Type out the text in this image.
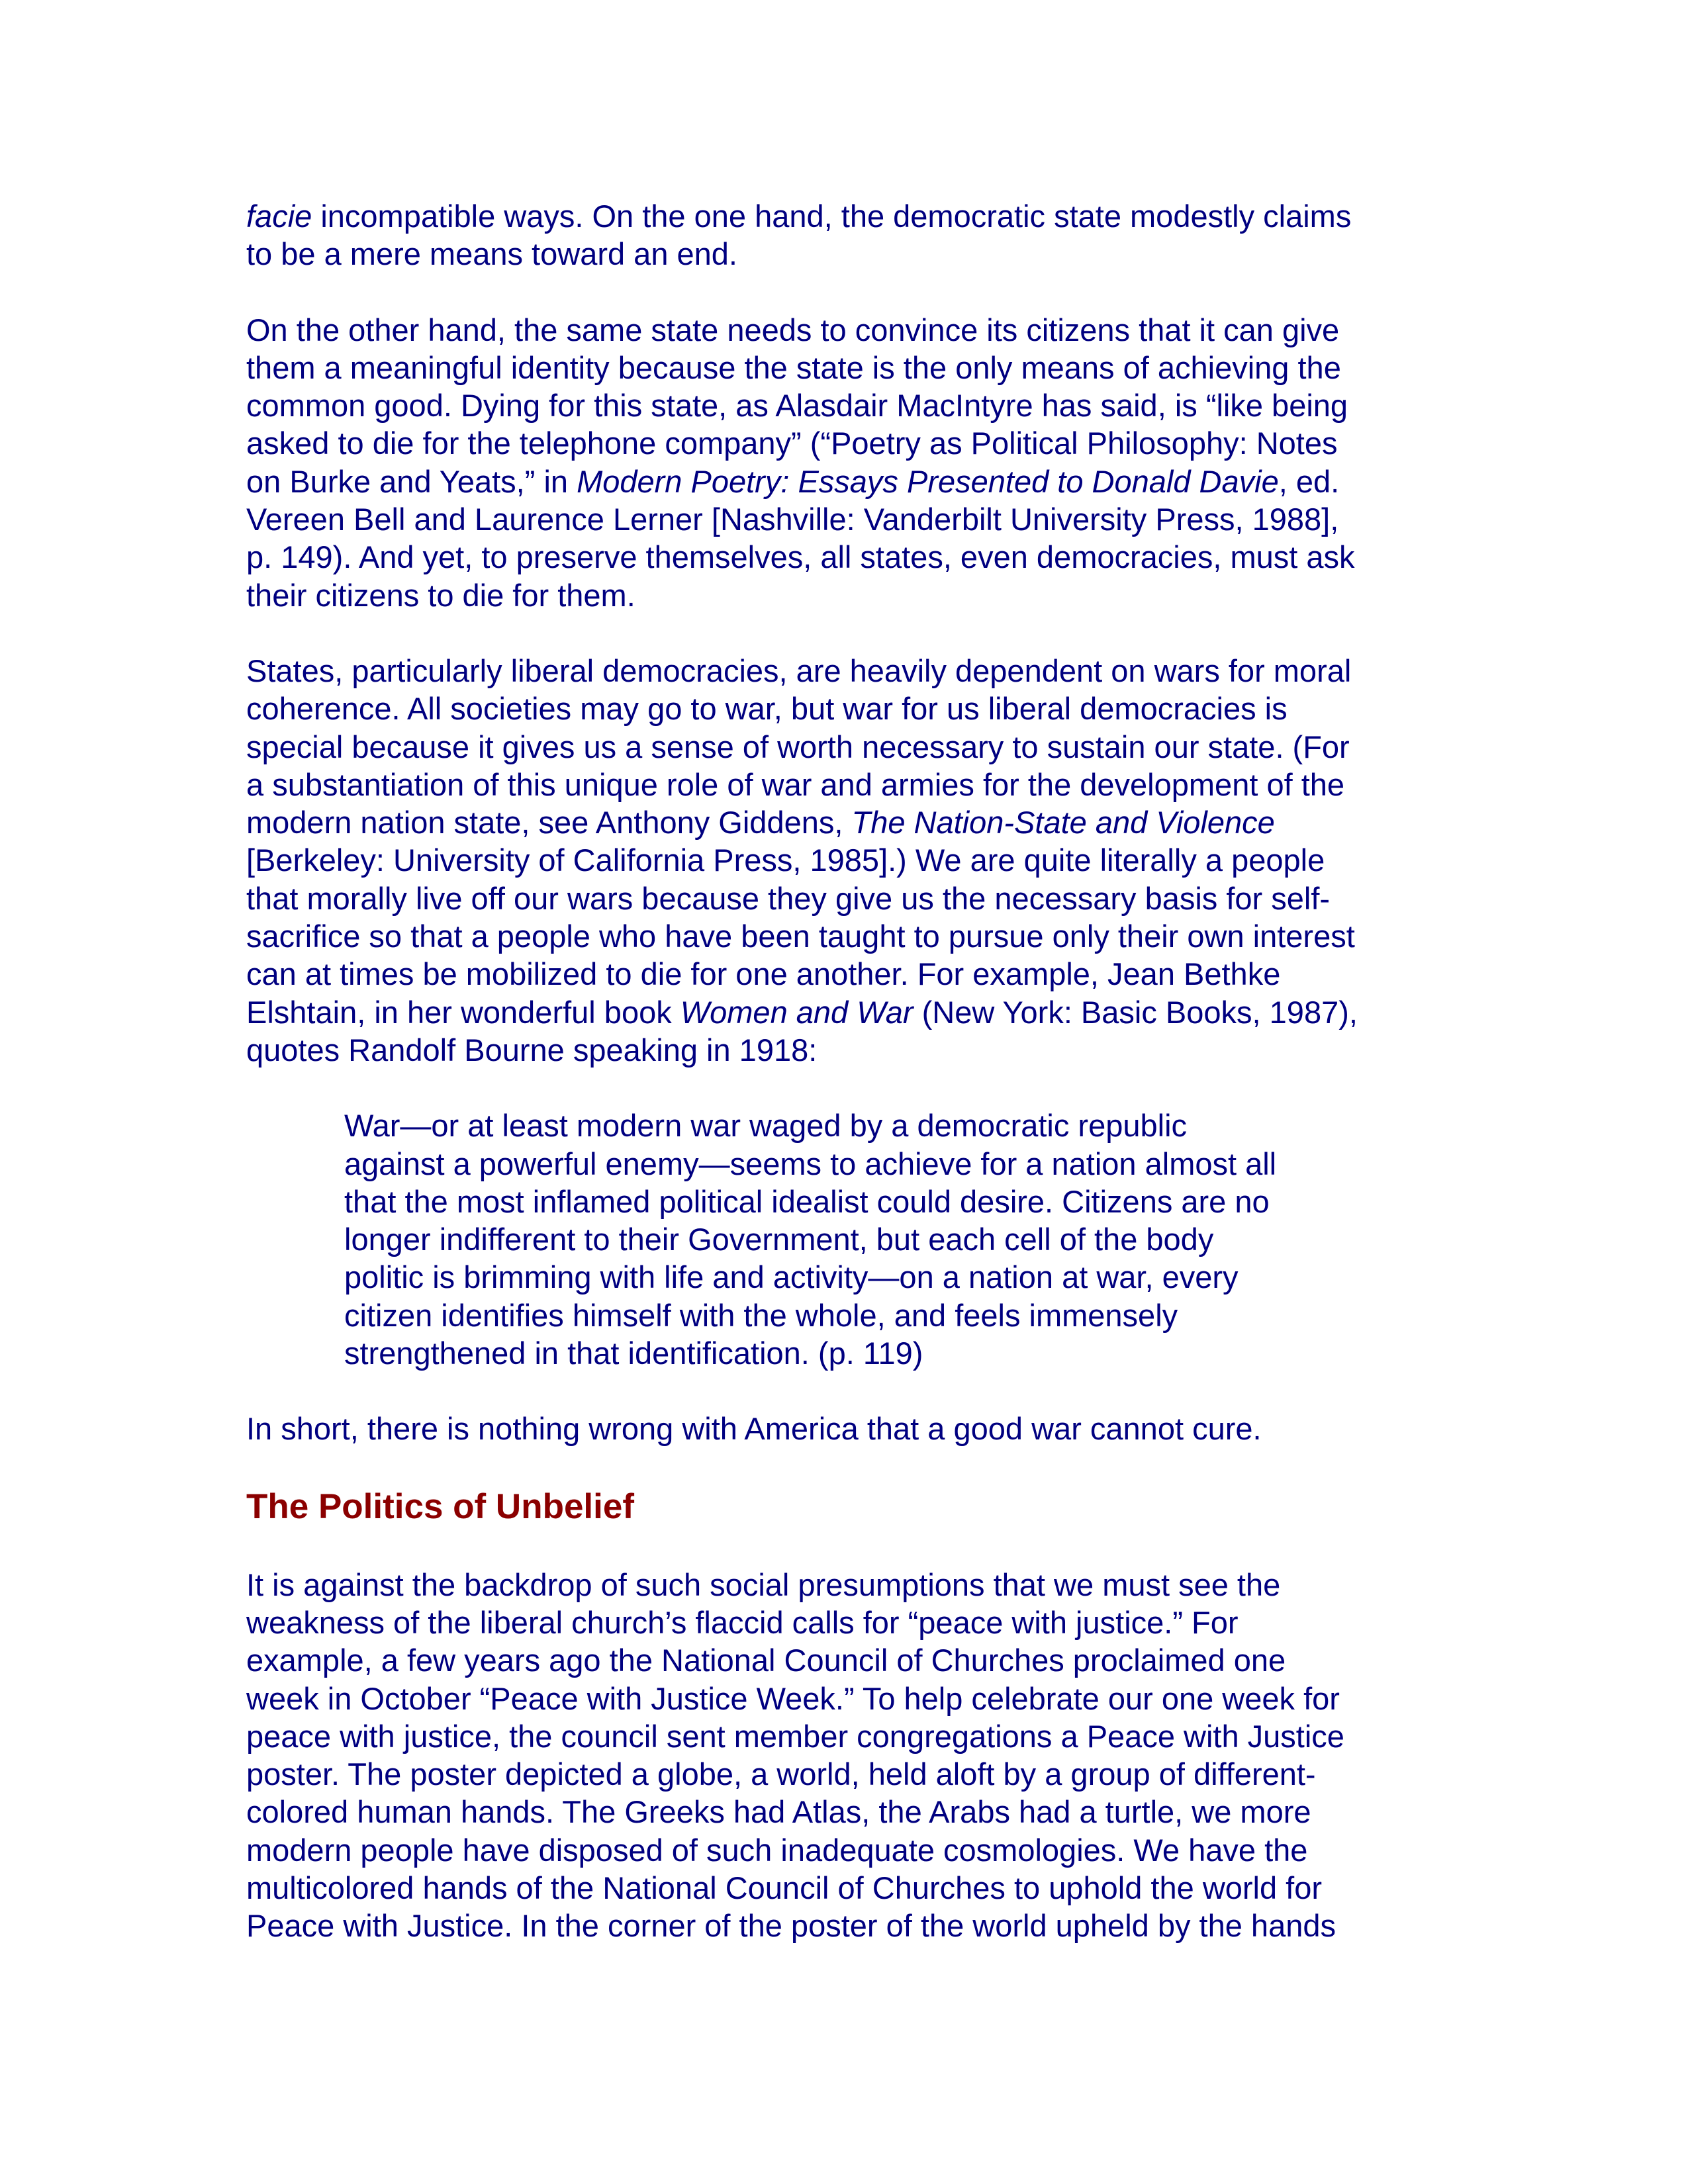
facie incompatible ways. On the one hand, the democratic state modestly claims
to be a mere means toward an end.
On the other hand, the same state needs to convince its citizens that it can give
them a meaningful identity because the state is the only means of achieving the
common good. Dying for this state, as Alasdair MacIntyre has said, is “like being
asked to die for the telephone company” (“Poetry as Political Philosophy: Notes
on Burke and Yeats,” in Modern Poetry: Essays Presented to Donald Davie, ed.
Vereen Bell and Laurence Lerner [Nashville: Vanderbilt University Press, 1988],
p. 149). And yet, to preserve themselves, all states, even democracies, must ask
their citizens to die for them.
States, particularly liberal democracies, are heavily dependent on wars for moral
coherence. All societies may go to war, but war for us liberal democracies is
special because it gives us a sense of worth necessary to sustain our state. (For
a substantiation of this unique role of war and armies for the development of the
modern nation state, see Anthony Giddens, The Nation-State and Violence
[Berkeley: University of California Press, 1985].) We are quite literally a people
that morally live off our wars because they give us the necessary basis for self-
sacrifice so that a people who have been taught to pursue only their own interest
can at times be mobilized to die for one another. For example, Jean Bethke
Elshtain, in her wonderful book Women and War (New York: Basic Books, 1987),
quotes Randolf Bourne speaking in 1918:
War—or at least modern war waged by a democratic republic
against a powerful enemy—seems to achieve for a nation almost all
that the most inflamed political idealist could desire. Citizens are no
longer indifferent to their Government, but each cell of the body
politic is brimming with life and activity—on a nation at war, every
citizen identifies himself with the whole, and feels immensely
strengthened in that identification. (p. 119)
In short, there is nothing wrong with America that a good war cannot cure.
The Politics of Unbelief
It is against the backdrop of such social presumptions that we must see the
weakness of the liberal church’s flaccid calls for “peace with justice.” For
example, a few years ago the National Council of Churches proclaimed one
week in October “Peace with Justice Week.” To help celebrate our one week for
peace with justice, the council sent member congregations a Peace with Justice
poster. The poster depicted a globe, a world, held aloft by a group of different-
colored human hands. The Greeks had Atlas, the Arabs had a turtle, we more
modern people have disposed of such inadequate cosmologies. We have the
multicolored hands of the National Council of Churches to uphold the world for
Peace with Justice. In the corner of the poster of the world upheld by the hands
